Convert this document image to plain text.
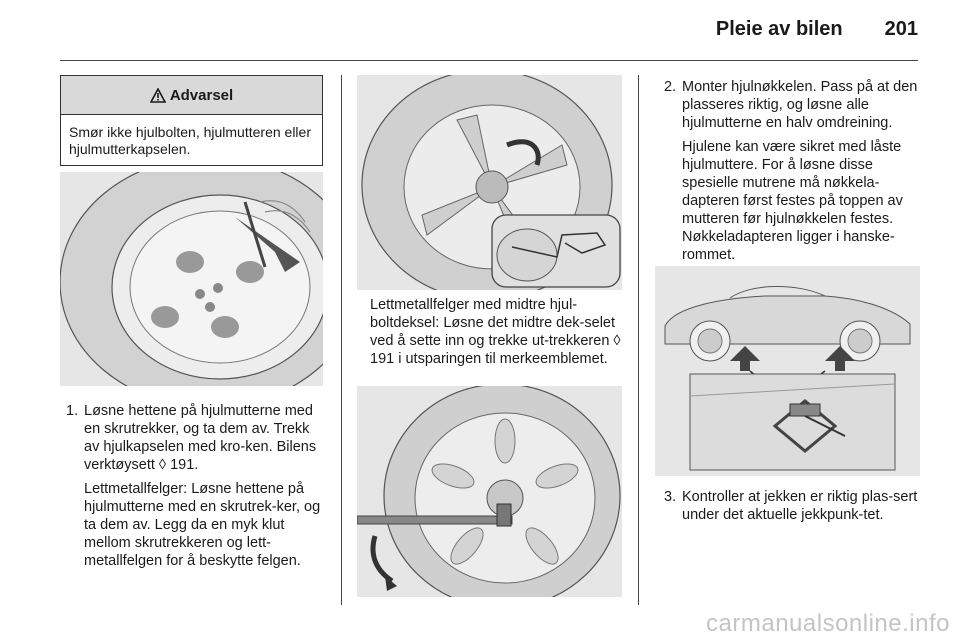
Pleie av bilen 201
Advarsel
Smør ikke hjulbolten, hjulmutteren eller hjulmutterkapselen.
1. Løsne hettene på hjulmutterne med en skrutrekker, og ta dem av. Trekk av hjulkapselen med kro-ken. Bilens verktøysett ◊ 191.
Lettmetallfelger: Løsne hettene på hjulmutterne med en skrutrek-ker, og ta dem av. Legg da en myk klut mellom skrutrekkeren og lett-metallfelgen for å beskytte felgen.
Lettmetallfelger med midtre hjul-boltdeksel: Løsne det midtre dek-selet ved å sette inn og trekke ut-trekkeren ◊ 191 i utsparingen til merkeemblemet.
2. Monter hjulnøkkelen. Pass på at den plasseres riktig, og løsne alle hjulmutterne en halv omdreining.
Hjulene kan være sikret med låste hjulmuttere. For å løsne disse spesielle mutrene må nøkkela-dapteren først festes på toppen av mutteren før hjulnøkkelen festes. Nøkkeladapteren ligger i hanske-rommet.
3. Kontroller at jekken er riktig plas-sert under det aktuelle jekkpunk-tet.
carmanualsonline.info
